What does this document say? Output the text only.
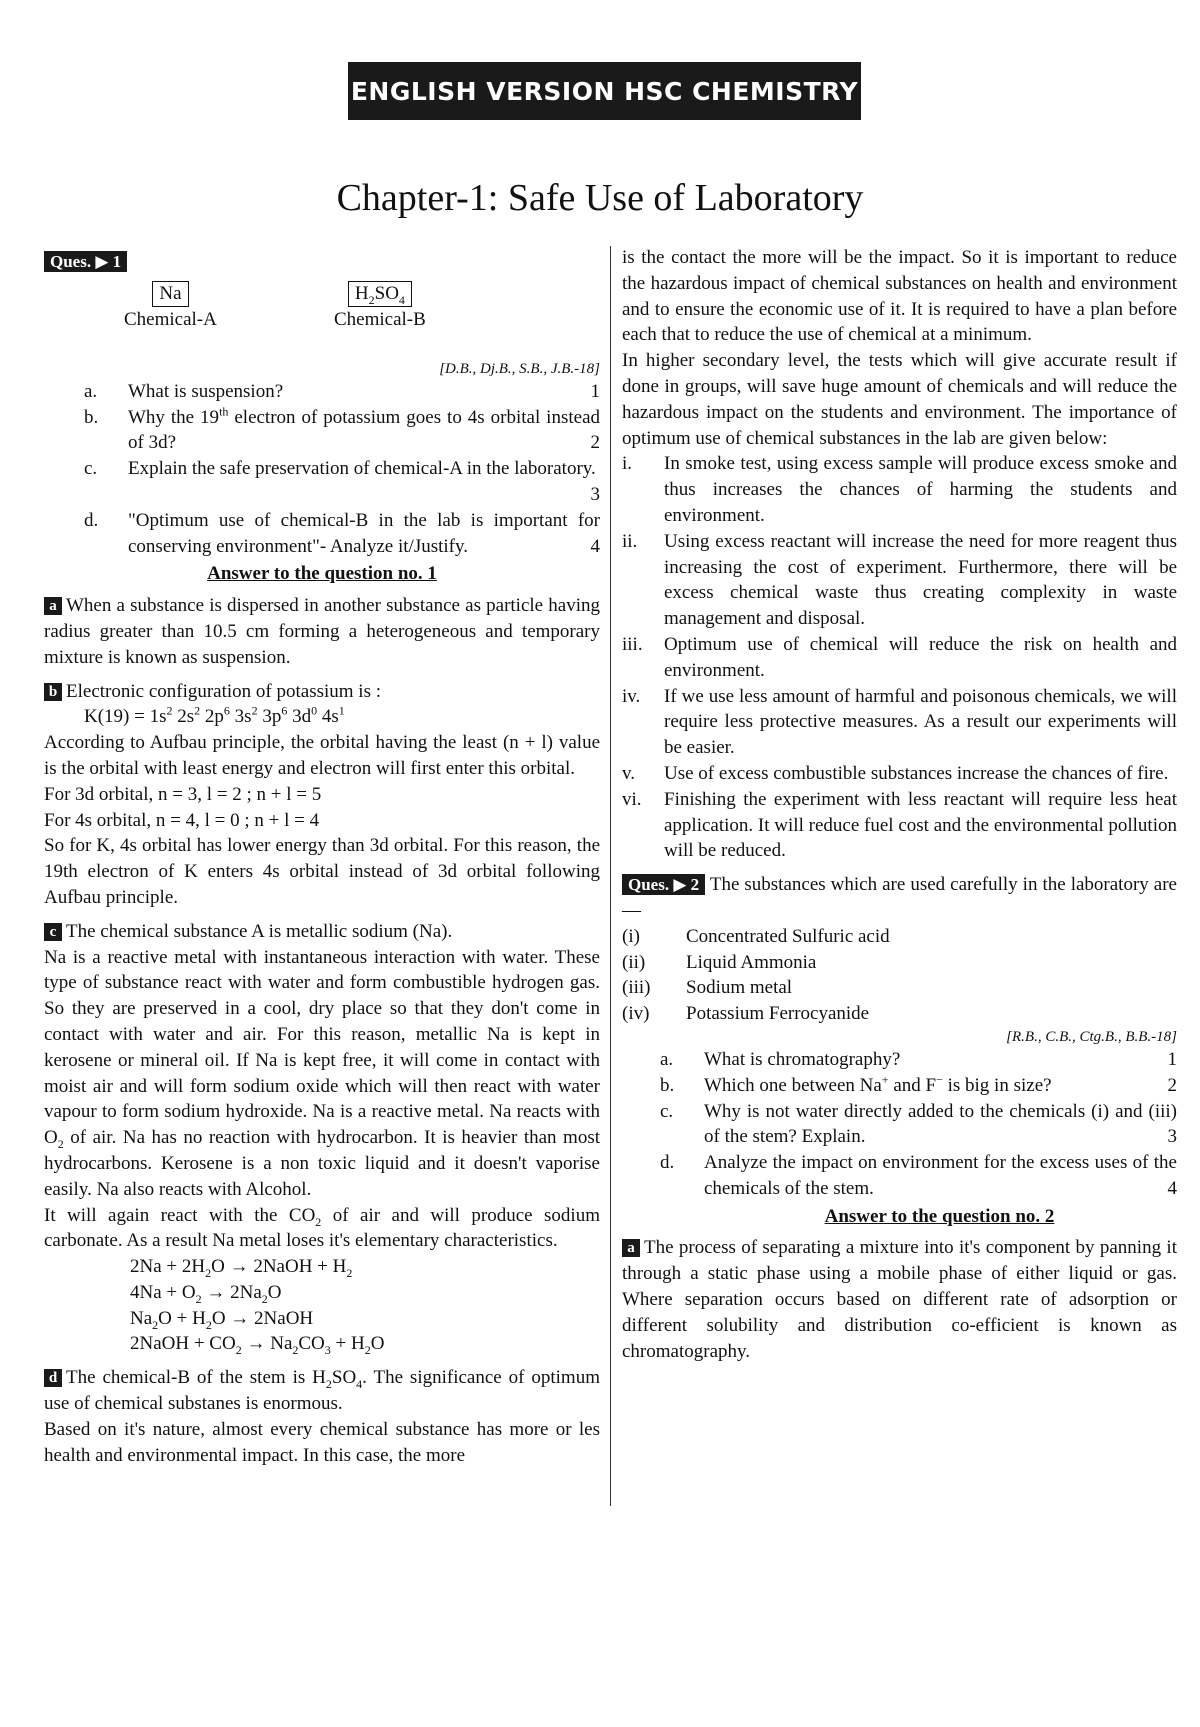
ENGLISH VERSION HSC CHEMISTRY
Chapter-1: Safe Use of Laboratory
Ques. ▶ 1
Na
Chemical-A
$H_2SO_4$
Chemical-B
[D.B., Dj.B., S.B., J.B.-18]
a.	What is suspension?	1
b.	Why the 19th electron of potassium goes to 4s orbital instead of 3d?	2
c.	Explain the safe preservation of chemical-A in the laboratory.
3
d.	"Optimum use of chemical-B in the lab is important for conserving environment"- Analyze it/Justify.	4
Answer to the question no. 1

a When a substance is dispersed in another substance as particle having radius greater than 10.5 cm forming a heterogeneous and temporary mixture is known as suspension.

b Electronic configuration of potassium is :

$K(19) = 1s^2$ $2s^2$ $2p^6$ $3s^2$ $3p^6$ $3d^0$ $4s^1$

According to Aufbau principle, the orbital having the least (n + l) value is the orbital with least energy and electron will first enter this orbital.

For 3d orbital, n = 3, l = 2 ; n + l = 5

For 4s orbital, n = 4, l = 0 ; n + l = 4

So for K, 4s orbital has lower energy than 3d orbital. For this reason, the 19th electron of K enters 4s orbital instead of 3d orbital following Aufbau principle.

c The chemical substance A is metallic sodium (Na).

Na is a reactive metal with instantaneous interaction with water. These type of substance react with water and form combustible hydrogen gas. So they are preserved in a cool, dry place so that they don't come in contact with water and air. For this reason, metallic Na is kept in kerosene or mineral oil. If Na is kept free, it will come in contact with moist air and will form sodium oxide which will then react with water vapour to form sodium hydroxide. Na is a reactive metal. Na reacts with $O_2$ of air. Na has no reaction with hydrocarbon. It is heavier than most hydrocarbons. Kerosene is a non toxic liquid and it doesn't vaporise easily. Na also reacts with Alcohol.

It will again react with the $CO_2$ of air and will produce sodium carbonate. As a result Na metal loses it's elementary characteristics.

$2Na + 2H_2O$ → 2NaOH + $H_2$
$4Na + O_2 \to 2Na_2O$
$Na_2O + H_2O$ → 2NaOH
2NaOH + $CO_2 \to Na_2CO_3 + H_2O$

d The chemical-B of the stem is $H_2SO_4$. The significance of optimum use of chemical substanes is enormous.

Based on it's nature, almost every chemical substance has more or les health and environmental impact. In this case, the more

is the contact the more will be the impact. So it is important to reduce the hazardous impact of chemical substances on health and environment and to ensure the economic use of it. It is required to have a plan before each that to reduce the use of chemical at a minimum.

In higher secondary level, the tests which will give accurate result if done in groups, will save huge amount of chemicals and will reduce the hazardous impact on the students and environment. The importance of optimum use of chemical substances in the lab are given below:

i.	In smoke test, using excess sample will produce excess smoke and thus increases the chances of harming the students and environment.
ii.	Using excess reactant will increase the need for more reagent thus increasing the cost of experiment. Furthermore, there will be excess chemical waste thus creating complexity in waste management and disposal.
iii.	Optimum use of chemical will reduce the risk on health and environment.
iv.	If we use less amount of harmful and poisonous chemicals, we will require less protective measures. As a result our experiments will be easier.
v.	Use of excess combustible substances increase the chances of fire.
vi.	Finishing the experiment with less reactant will require less heat application. It will reduce fuel cost and the environmental pollution will be reduced.

Ques. ▶ 2 The substances which are used carefully in the laboratory are —

(i)	Concentrated Sulfuric acid
(ii)	Liquid Ammonia
(iii)	Sodium metal
(iv)	Potassium Ferrocyanide
[R.B., C.B., Ctg.B., B.B.-18]
a.	What is chromatography?	1
b.	Which one between Na+ and F− is big in size?	2
c.	Why is not water directly added to the chemicals (i) and (iii) of the stem? Explain.	3
d.	Analyze the impact on environment for the excess uses of the chemicals of the stem.	4
Answer to the question no. 2

a The process of separating a mixture into it's component by panning it through a static phase using a mobile phase of either liquid or gas. Where separation occurs based on different rate of adsorption or different solubility and distribution co-efficient is known as chromatography.
